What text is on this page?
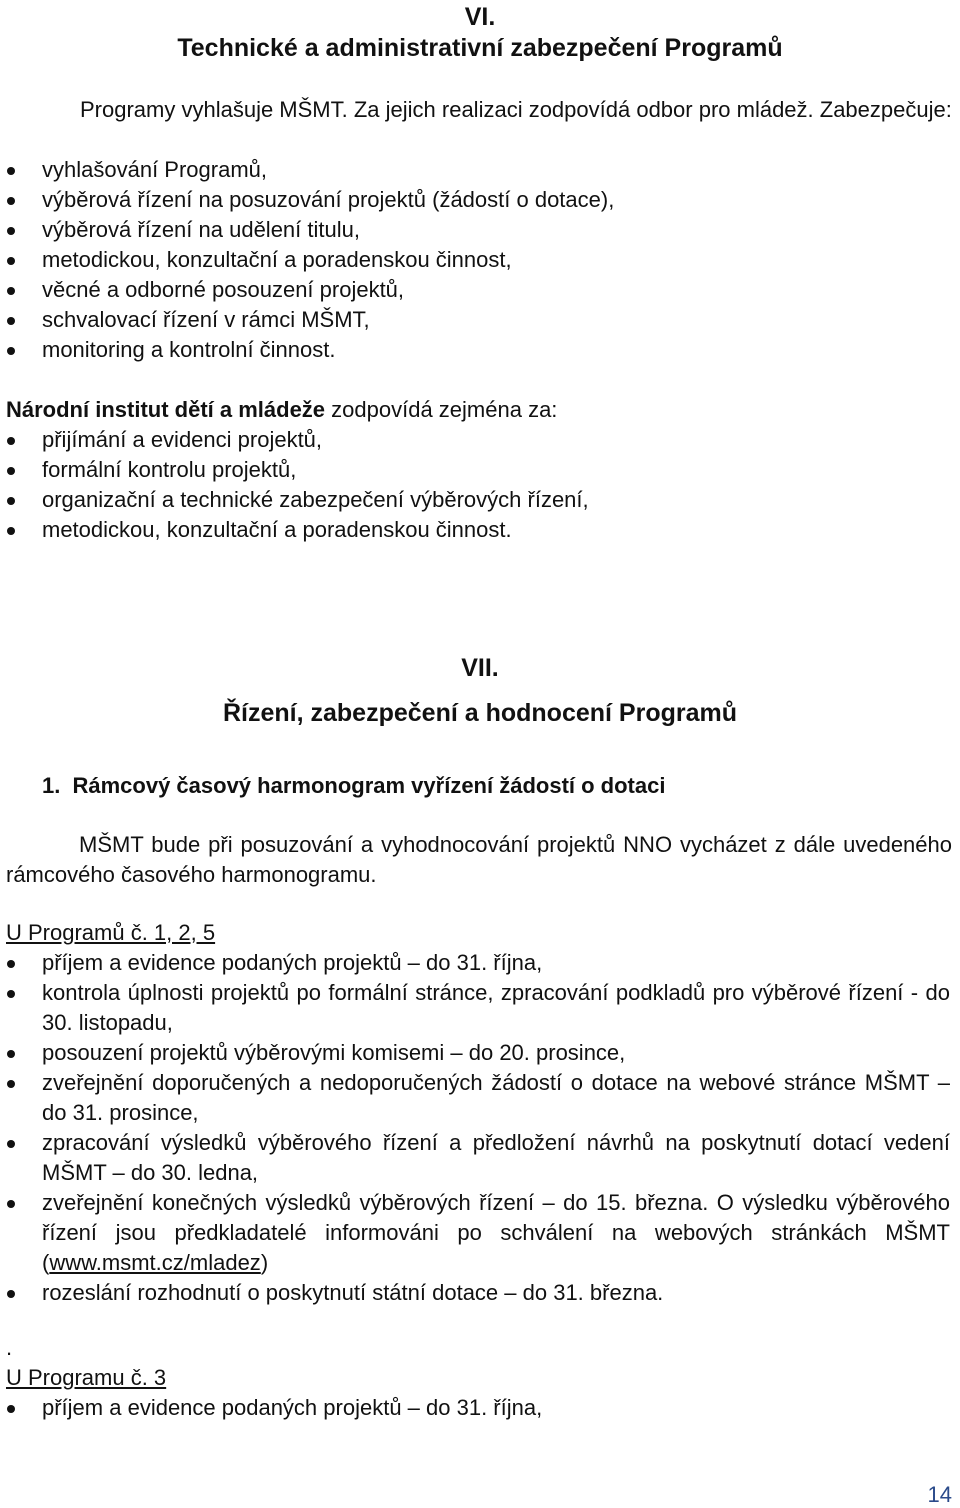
VI.
Technické a administrativní zabezpečení Programů
Programy vyhlašuje MŠMT. Za jejich realizaci zodpovídá odbor pro mládež. Zabezpečuje:
vyhlašování Programů,
výběrová řízení na posuzování projektů (žádostí o dotace),
výběrová řízení na udělení titulu,
metodickou, konzultační a poradenskou činnost,
věcné a odborné posouzení projektů,
schvalovací řízení v rámci MŠMT,
monitoring a kontrolní činnost.
Národní institut dětí a mládeže zodpovídá zejména za:
přijímání a evidenci projektů,
formální kontrolu projektů,
organizační a technické zabezpečení výběrových řízení,
metodickou, konzultační a poradenskou činnost.
VII.
Řízení, zabezpečení a hodnocení Programů
1. Rámcový časový harmonogram vyřízení žádostí o dotaci
MŠMT bude při posuzování a vyhodnocování projektů NNO vycházet z dále uvedeného rámcového časového harmonogramu.
U Programů č. 1, 2, 5
příjem a evidence podaných projektů – do 31. října,
kontrola úplnosti projektů po formální stránce, zpracování podkladů pro výběrové řízení - do 30. listopadu,
posouzení projektů výběrovými komisemi – do 20. prosince,
zveřejnění doporučených a nedoporučených žádostí o dotace na webové stránce MŠMT – do 31. prosince,
zpracování výsledků výběrového řízení a předložení návrhů na poskytnutí dotací vedení MŠMT – do 30. ledna,
zveřejnění konečných výsledků výběrových řízení – do 15. března. O výsledku výběrového řízení jsou předkladatelé informováni po schválení na webových stránkách MŠMT (www.msmt.cz/mladez)
rozeslání rozhodnutí o poskytnutí státní dotace – do 31. března.
.
U Programu č. 3
příjem a evidence podaných projektů – do 31. října,
14
